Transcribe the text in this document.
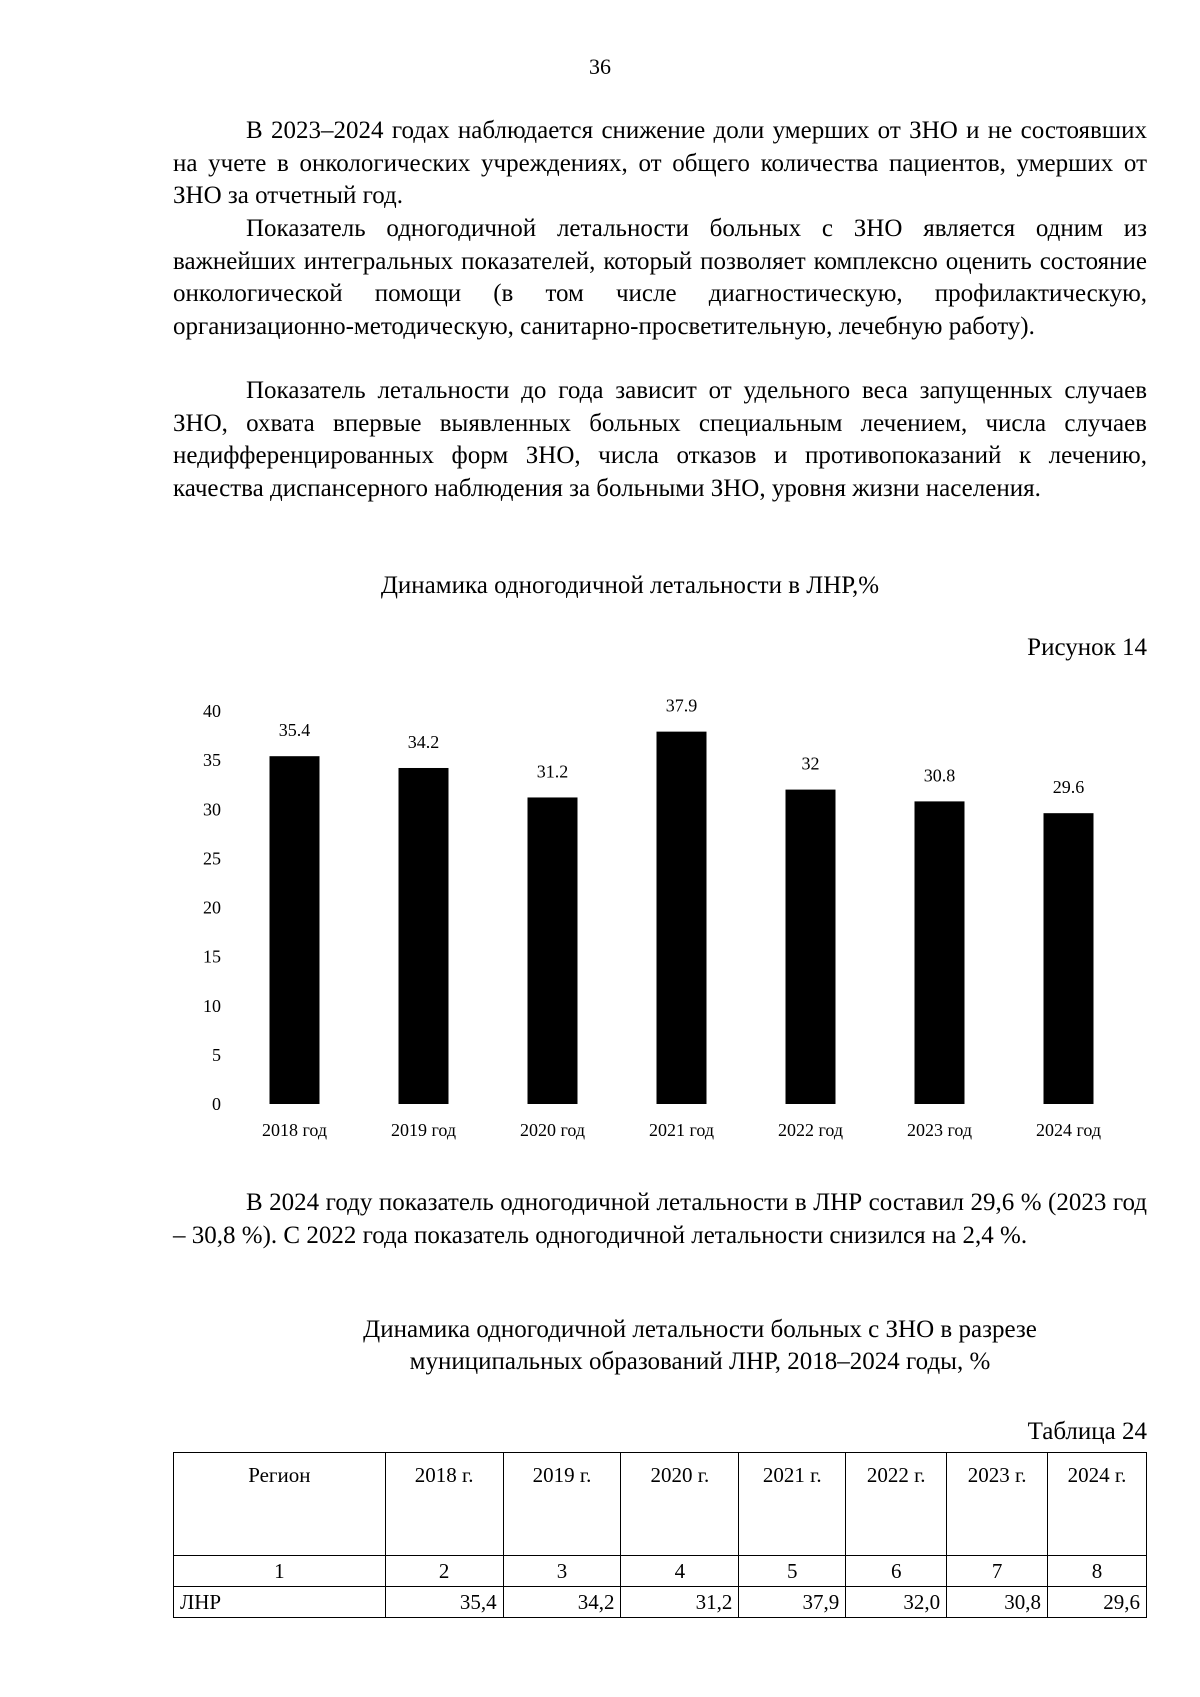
36

В 2023–2024 годах наблюдается снижение доли умерших от ЗНО и не состоявших на учете в онкологических учреждениях, от общего количества пациентов, умерших от ЗНО за отчетный год.

Показатель одногодичной летальности больных с ЗНО является одним из важнейших интегральных показателей, который позволяет комплексно оценить состояние онкологической помощи (в том числе диагностическую, профилактическую, организационно-методическую, санитарно-просветительную, лечебную работу).

Показатель летальности до года зависит от удельного веса запущенных случаев ЗНО, охвата впервые выявленных больных специальным лечением, числа случаев недифференцированных форм ЗНО, числа отказов и противопоказаний к лечению, качества диспансерного наблюдения за больными ЗНО, уровня жизни населения.

Динамика одногодичной летальности в ЛНР,%

Рисунок 14

0
5
10
15
20
25
30
35
40
35.4
2018 год
34.2
2019 год
31.2
2020 год
37.9
2021 год
32
2022 год
30.8
2023 год
29.6
2024 год

В 2024 году показатель одногодичной летальности в ЛНР составил 29,6 % (2023 год – 30,8 %). С 2022 года показатель одногодичной летальности снизился на 2,4 %.

Динамика одногодичной летальности больных с ЗНО в разрезе
муниципальных образований ЛНР, 2018–2024 годы, %

Таблица 24

Регион	2018 г.	2019 г.	2020 г.	2021 г.	2022 г.	2023 г.	2024 г.
1	2	3	4	5	6	7	8
ЛНР	35,4	34,2	31,2	37,9	32,0	30,8	29,6
